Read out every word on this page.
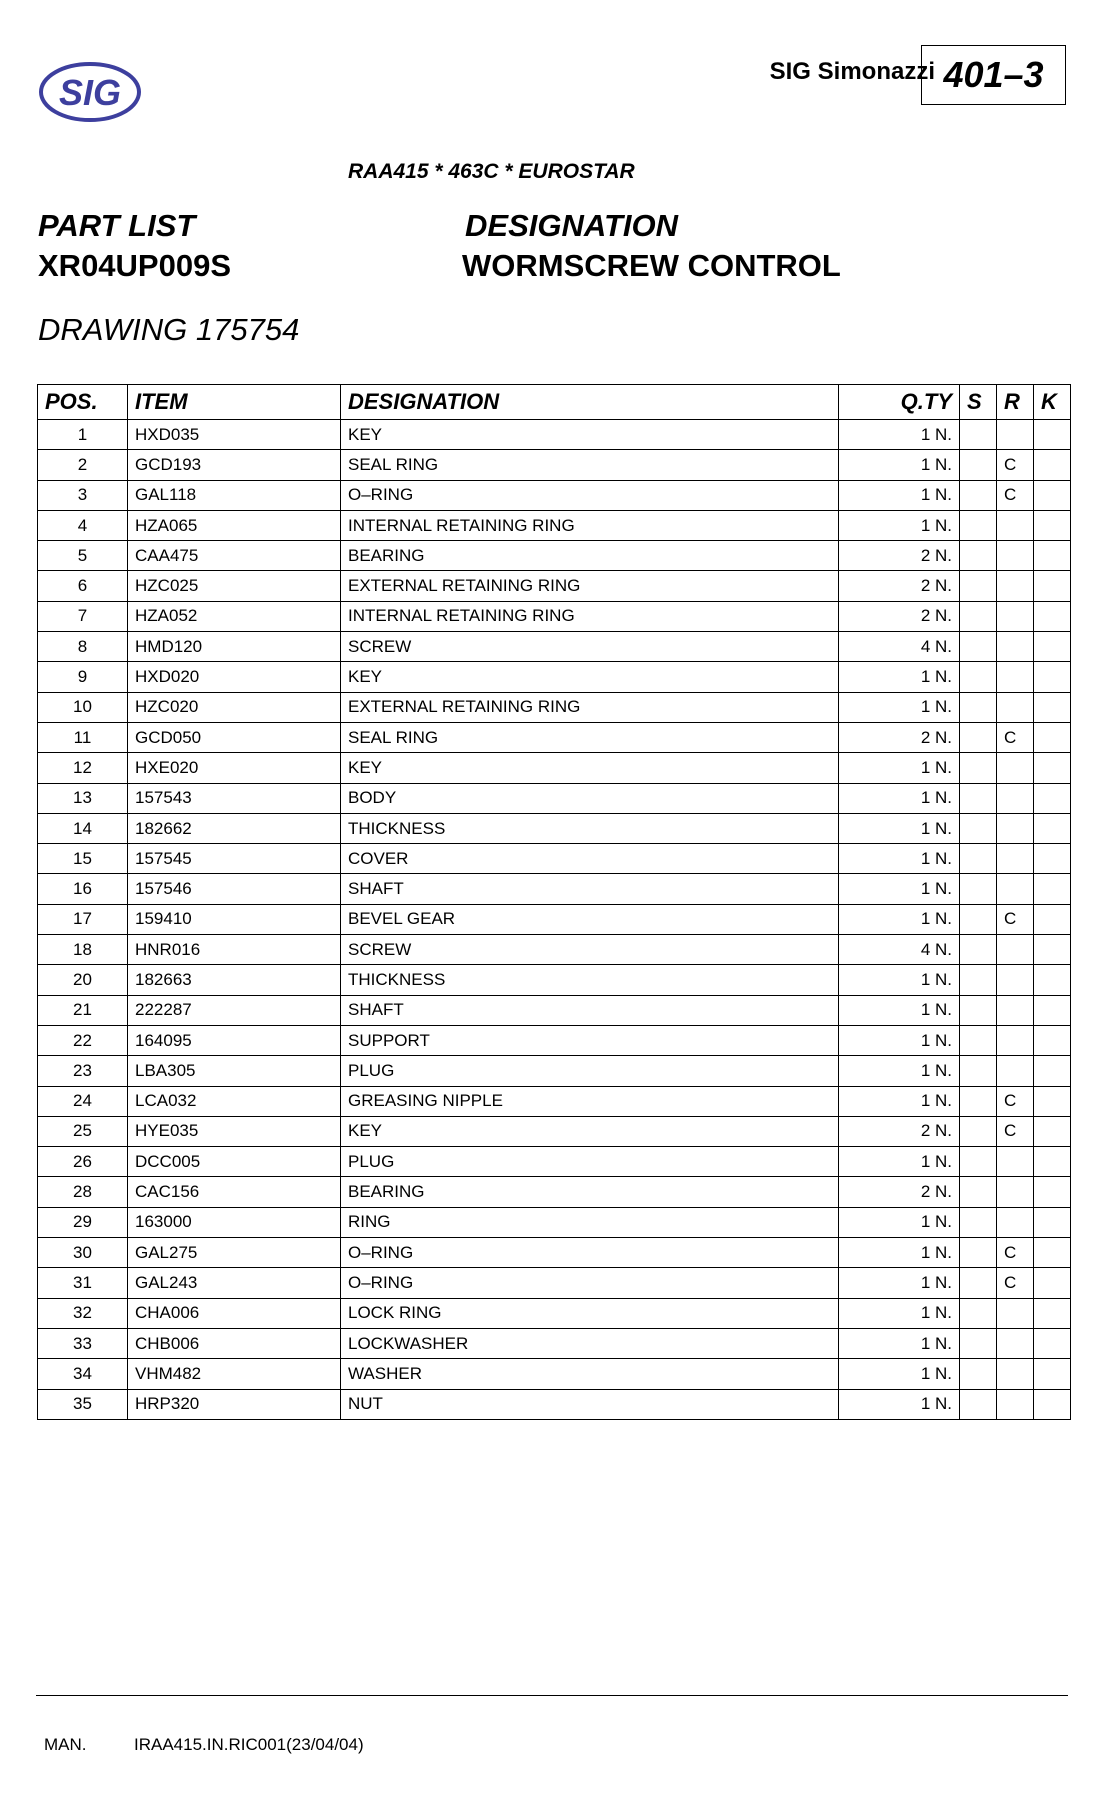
SIG
SIG Simonazzi 401–3
RAA415 * 463C * EUROSTAR
PART LIST
XR04UP009S
DESIGNATION
WORMSCREW CONTROL
DRAWING 175754
POS.	ITEM	DESIGNATION	Q.TY	S	R	K
1	HXD035	KEY	1 N.			
2	GCD193	SEAL RING	1 N.		C	
3	GAL118	O–RING	1 N.		C	
4	HZA065	INTERNAL RETAINING RING	1 N.			
5	CAA475	BEARING	2 N.			
6	HZC025	EXTERNAL RETAINING RING	2 N.			
7	HZA052	INTERNAL RETAINING RING	2 N.			
8	HMD120	SCREW	4 N.			
9	HXD020	KEY	1 N.			
10	HZC020	EXTERNAL RETAINING RING	1 N.			
11	GCD050	SEAL RING	2 N.		C	
12	HXE020	KEY	1 N.			
13	157543	BODY	1 N.			
14	182662	THICKNESS	1 N.			
15	157545	COVER	1 N.			
16	157546	SHAFT	1 N.			
17	159410	BEVEL GEAR	1 N.		C	
18	HNR016	SCREW	4 N.			
20	182663	THICKNESS	1 N.			
21	222287	SHAFT	1 N.			
22	164095	SUPPORT	1 N.			
23	LBA305	PLUG	1 N.			
24	LCA032	GREASING NIPPLE	1 N.		C	
25	HYE035	KEY	2 N.		C	
26	DCC005	PLUG	1 N.			
28	CAC156	BEARING	2 N.			
29	163000	RING	1 N.			
30	GAL275	O–RING	1 N.		C	
31	GAL243	O–RING	1 N.		C	
32	CHA006	LOCK RING	1 N.			
33	CHB006	LOCKWASHER	1 N.			
34	VHM482	WASHER	1 N.			
35	HRP320	NUT	1 N.			
MAN.	IRAA415.IN.RIC001(23/04/04)
